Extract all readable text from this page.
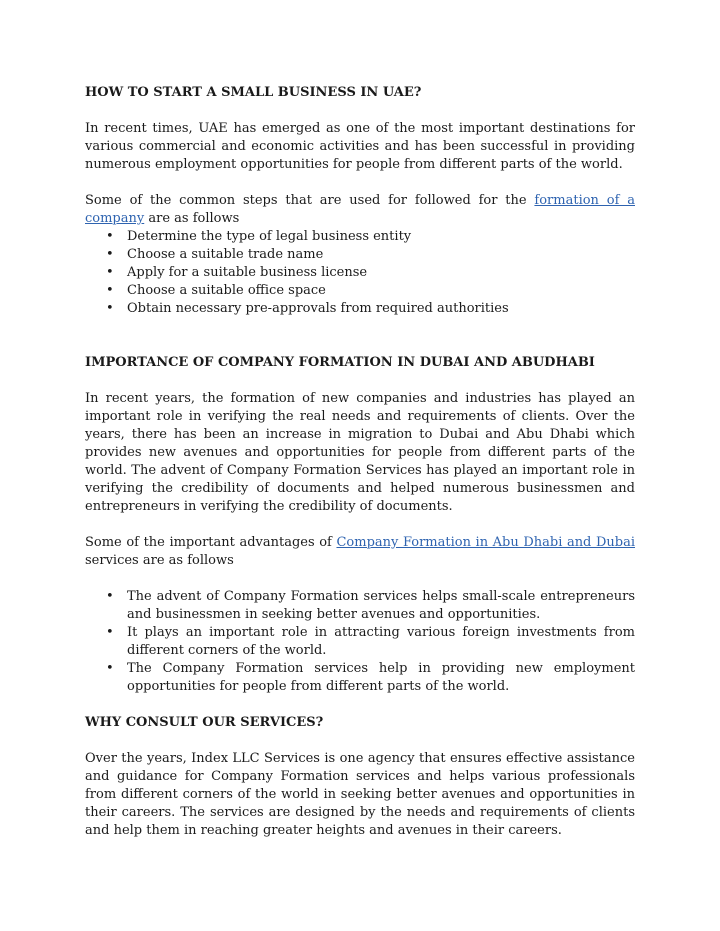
HOW TO START A SMALL BUSINESS IN UAE?

In recent times, UAE has emerged as one of the most important destinations for various commercial and economic activities and has been successful in providing numerous employment opportunities for people from different parts of the world.

Some of the common steps that are used for followed for the formation of a company are as follows

• Determine the type of legal business entity
• Choose a suitable trade name
• Apply for a suitable business license
• Choose a suitable office space
• Obtain necessary pre-approvals from required authorities
IMPORTANCE OF COMPANY FORMATION IN DUBAI AND ABUDHABI

In recent years, the formation of new companies and industries has played an important role in verifying the real needs and requirements of clients. Over the years, there has been an increase in migration to Dubai and Abu Dhabi which provides new avenues and opportunities for people from different parts of the world. The advent of Company Formation Services has played an important role in verifying the credibility of documents and helped numerous businessmen and entrepreneurs in verifying the credibility of documents.

Some of the important advantages of Company Formation in Abu Dhabi and Dubai services are as follows

• The advent of Company Formation services helps small-scale entrepreneurs and businessmen in seeking better avenues and opportunities.
• It plays an important role in attracting various foreign investments from different corners of the world.
• The Company Formation services help in providing new employment opportunities for people from different parts of the world.
WHY CONSULT OUR SERVICES?

Over the years, Index LLC Services is one agency that ensures effective assistance and guidance for Company Formation services and helps various professionals from different corners of the world in seeking better avenues and opportunities in their careers. The services are designed by the needs and requirements of clients and help them in reaching greater heights and avenues in their careers.
